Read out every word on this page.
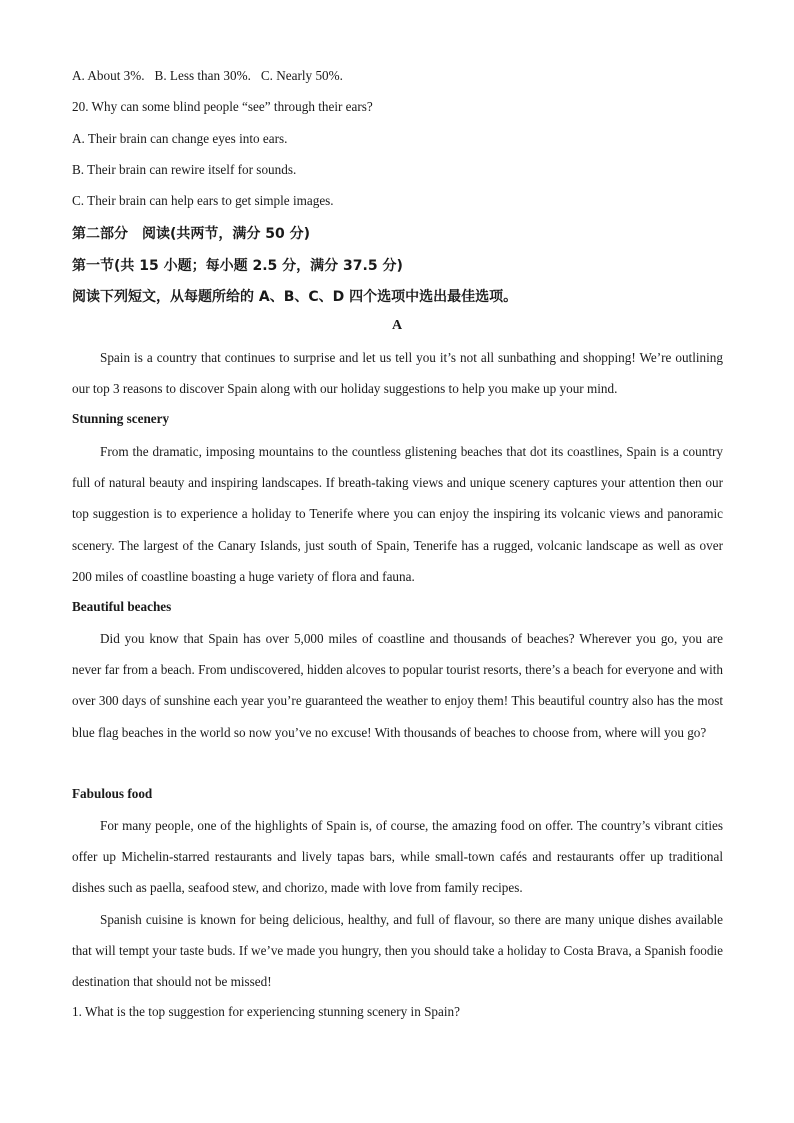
A. About 3%. B. Less than 30%. C. Nearly 50%.
20. Why can some blind people “see” through their ears?
A. Their brain can change eyes into ears.
B. Their brain can rewire itself for sounds.
C. Their brain can help ears to get simple images.
第二部分　阅读(共两节，满分 50 分)
第一节(共 15 小题；每小题 2.5 分，满分 37.5 分)
阅读下列短文，从每题所给的 A、B、C、D 四个选项中选出最佳选项。
A
Spain is a country that continues to surprise and let us tell you it’s not all sunbathing and shopping! We’re outlining our top 3 reasons to discover Spain along with our holiday suggestions to help you make up your mind.
Stunning scenery
From the dramatic, imposing mountains to the countless glistening beaches that dot its coastlines, Spain is a country full of natural beauty and inspiring landscapes. If breath-taking views and unique scenery captures your attention then our top suggestion is to experience a holiday to Tenerife where you can enjoy the inspiring its volcanic views and panoramic scenery. The largest of the Canary Islands, just south of Spain, Tenerife has a rugged, volcanic landscape as well as over 200 miles of coastline boasting a huge variety of flora and fauna.
Beautiful beaches
Did you know that Spain has over 5,000 miles of coastline and thousands of beaches? Wherever you go, you are never far from a beach. From undiscovered, hidden alcoves to popular tourist resorts, there’s a beach for everyone and with over 300 days of sunshine each year you’re guaranteed the weather to enjoy them! This beautiful country also has the most blue flag beaches in the world so now you’ve no excuse! With thousands of beaches to choose from, where will you go?
Fabulous food
For many people, one of the highlights of Spain is, of course, the amazing food on offer. The country’s vibrant cities offer up Michelin-starred restaurants and lively tapas bars, while small-town cafés and restaurants offer up traditional dishes such as paella, seafood stew, and chorizo, made with love from family recipes.
Spanish cuisine is known for being delicious, healthy, and full of flavour, so there are many unique dishes available that will tempt your taste buds. If we’ve made you hungry, then you should take a holiday to Costa Brava, a Spanish foodie destination that should not be missed!
1. What is the top suggestion for experiencing stunning scenery in Spain?
